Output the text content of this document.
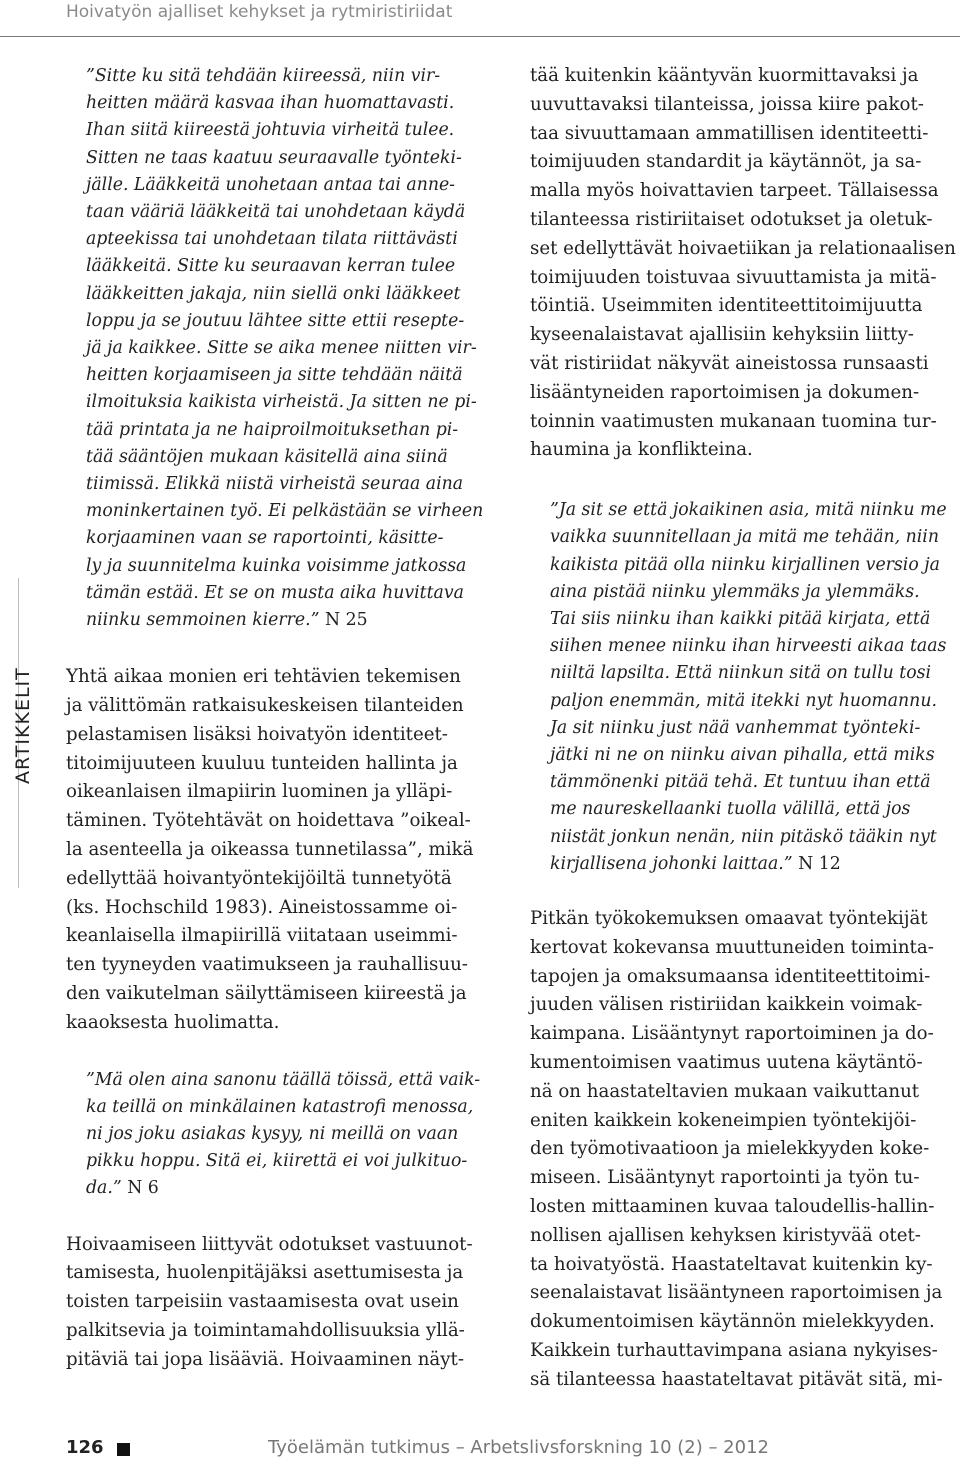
Hoivatyön ajalliset kehykset ja rytmiristiriidat

ARTIKKELIT

”Sitte ku sitä tehdään kiireessä, niin vir-
heitten määrä kasvaa ihan huomattavasti.
Ihan siitä kiireestä johtuvia virheitä tulee.
Sitten ne taas kaatuu seuraavalle työnteki-
jälle. Lääkkeitä unohetaan antaa tai anne-
taan vääriä lääkkeitä tai unohdetaan käydä
apteekissa tai unohdetaan tilata riittävästi
lääkkeitä. Sitte ku seuraavan kerran tulee
lääkkeitten jakaja, niin siellä onki lääkkeet
loppu ja se joutuu lähtee sitte ettii resepte-
jä ja kaikkee. Sitte se aika menee niitten vir-
heitten korjaamiseen ja sitte tehdään näitä
ilmoituksia kaikista virheistä. Ja sitten ne pi-
tää printata ja ne haiproilmoituksethan pi-
tää sääntöjen mukaan käsitellä aina siinä
tiimissä. Elikkä niistä virheistä seuraa aina
moninkertainen työ. Ei pelkästään se virheen
korjaaminen vaan se raportointi, käsitte-
ly ja suunnitelma kuinka voisimme jatkossa
tämän estää. Et se on musta aika huvittava
niinku semmoinen kierre.” N 25

Yhtä aikaa monien eri tehtävien tekemisen
ja välittömän ratkaisukeskeisen tilanteiden
pelastamisen lisäksi hoivatyön identiteet-
titoimijuuteen kuuluu tunteiden hallinta ja
oikeanlaisen ilmapiirin luominen ja ylläpi-
täminen. Työtehtävät on hoidettava ”oikeal-
la asenteella ja oikeassa tunnetilassa”, mikä
edellyttää hoivantyöntekijöiltä tunnetyötä
(ks. Hochschild 1983). Aineistossamme oi-
keanlaisella ilmapiirillä viitataan useimmi-
ten tyyneyden vaatimukseen ja rauhallisuu-
den vaikutelman säilyttämiseen kiireestä ja
kaaoksesta huolimatta.

”Mä olen aina sanonu täällä töissä, että vaik-
ka teillä on minkälainen katastrofi menossa,
ni jos joku asiakas kysyy, ni meillä on vaan
pikku hoppu. Sitä ei, kiirettä ei voi julkituo-
da.” N 6

Hoivaamiseen liittyvät odotukset vastuunot-
tamisesta, huolenpitäjäksi asettumisesta ja
toisten tarpeisiin vastaamisesta ovat usein
palkitsevia ja toimintamahdollisuuksia yllä-
pitäviä tai jopa lisääviä. Hoivaaminen näyt-

tää kuitenkin kääntyvän kuormittavaksi ja
uuvuttavaksi tilanteissa, joissa kiire pakot-
taa sivuuttamaan ammatillisen identiteetti-
toimijuuden standardit ja käytännöt, ja sa-
malla myös hoivattavien tarpeet. Tällaisessa
tilanteessa ristiriitaiset odotukset ja oletuk-
set edellyttävät hoivaetiikan ja relationaalisen
toimijuuden toistuvaa sivuuttamista ja mitä-
töintiä. Useimmiten identiteettitoimijuutta
kyseenalaistavat ajallisiin kehyksiin liitty-
vät ristiriidat näkyvät aineistossa runsaasti
lisääntyneiden raportoimisen ja dokumen-
toinnin vaatimusten mukanaan tuomina tur-
haumina ja konflikteina.

”Ja sit se että jokaikinen asia, mitä niinku me
vaikka suunnitellaan ja mitä me tehään, niin
kaikista pitää olla niinku kirjallinen versio ja
aina pistää niinku ylemmäks ja ylemmäks.
Tai siis niinku ihan kaikki pitää kirjata, että
siihen menee niinku ihan hirveesti aikaa taas
niiltä lapsilta. Että niinkun sitä on tullu tosi
paljon enemmän, mitä itekki nyt huomannu.
Ja sit niinku just nää vanhemmat työnteki-
jätki ni ne on niinku aivan pihalla, että miks
tämmönenki pitää tehä. Et tuntuu ihan että
me naureskellaanki tuolla välillä, että jos
niistät jonkun nenän, niin pitäskö tääkin nyt
kirjallisena johonki laittaa.” N 12

Pitkän työkokemuksen omaavat työntekijät
kertovat kokevansa muuttuneiden toiminta-
tapojen ja omaksumaansa identiteettitoimi-
juuden välisen ristiriidan kaikkein voimak-
kaimpana. Lisääntynyt raportoiminen ja do-
kumentoimisen vaatimus uutena käytäntö-
nä on haastateltavien mukaan vaikuttanut
eniten kaikkein kokeneimpien työntekijöi-
den työmotivaatioon ja mielekkyyden koke-
miseen. Lisääntynyt raportointi ja työn tu-
losten mittaaminen kuvaa taloudellis-hallin-
nollisen ajallisen kehyksen kiristyvää otet-
ta hoivatyöstä. Haastateltavat kuitenkin ky-
seenalaistavat lisääntyneen raportoimisen ja
dokumentoimisen käytännön mielekkyyden.
Kaikkein turhauttavimpana asiana nykyises-
sä tilanteessa haastateltavat pitävät sitä, mi-

126	Työelämän tutkimus – Arbetslivsforskning 10 (2) – 2012
